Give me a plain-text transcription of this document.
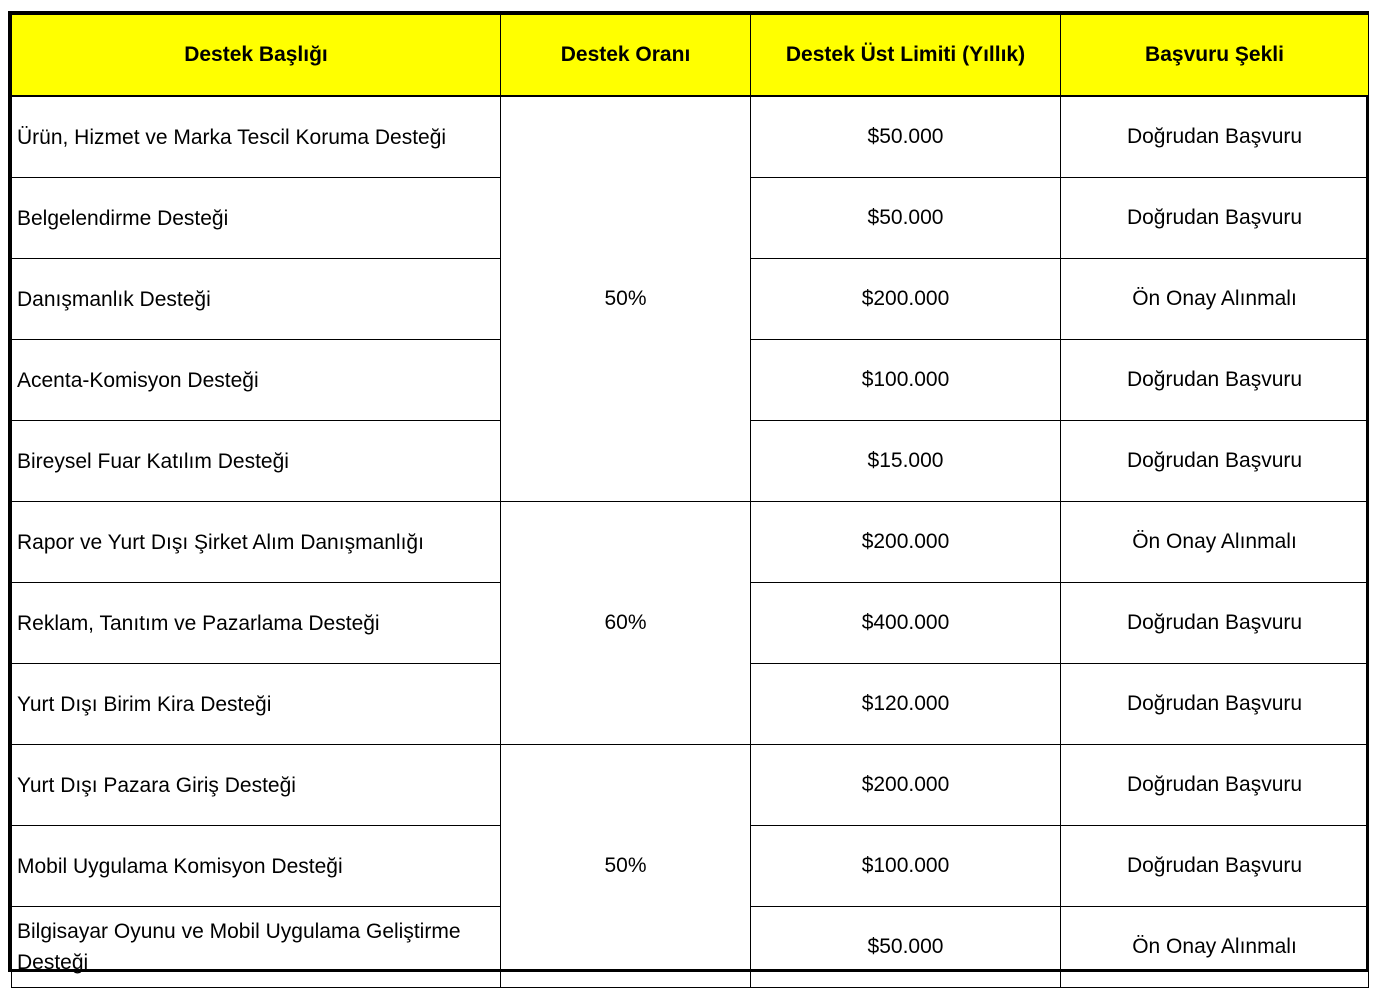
Destek Başlığı	Destek Oranı	Destek Üst Limiti (Yıllık)	Başvuru Şekli
Ürün, Hizmet ve Marka Tescil Koruma Desteği	50%	$50.000	Doğrudan Başvuru
Belgelendirme Desteği		$50.000	Doğrudan Başvuru
Danışmanlık Desteği		$200.000	Ön Onay Alınmalı
Acenta-Komisyon Desteği		$100.000	Doğrudan Başvuru
Bireysel Fuar Katılım Desteği		$15.000	Doğrudan Başvuru
Rapor ve Yurt Dışı Şirket Alım Danışmanlığı	60%	$200.000	Ön Onay Alınmalı
Reklam, Tanıtım ve Pazarlama Desteği		$400.000	Doğrudan Başvuru
Yurt Dışı Birim Kira Desteği		$120.000	Doğrudan Başvuru
Yurt Dışı Pazara Giriş Desteği	50%	$200.000	Doğrudan Başvuru
Mobil Uygulama Komisyon Desteği		$100.000	Doğrudan Başvuru
Bilgisayar Oyunu ve Mobil Uygulama Geliştirme Desteği		$50.000	Ön Onay Alınmalı
